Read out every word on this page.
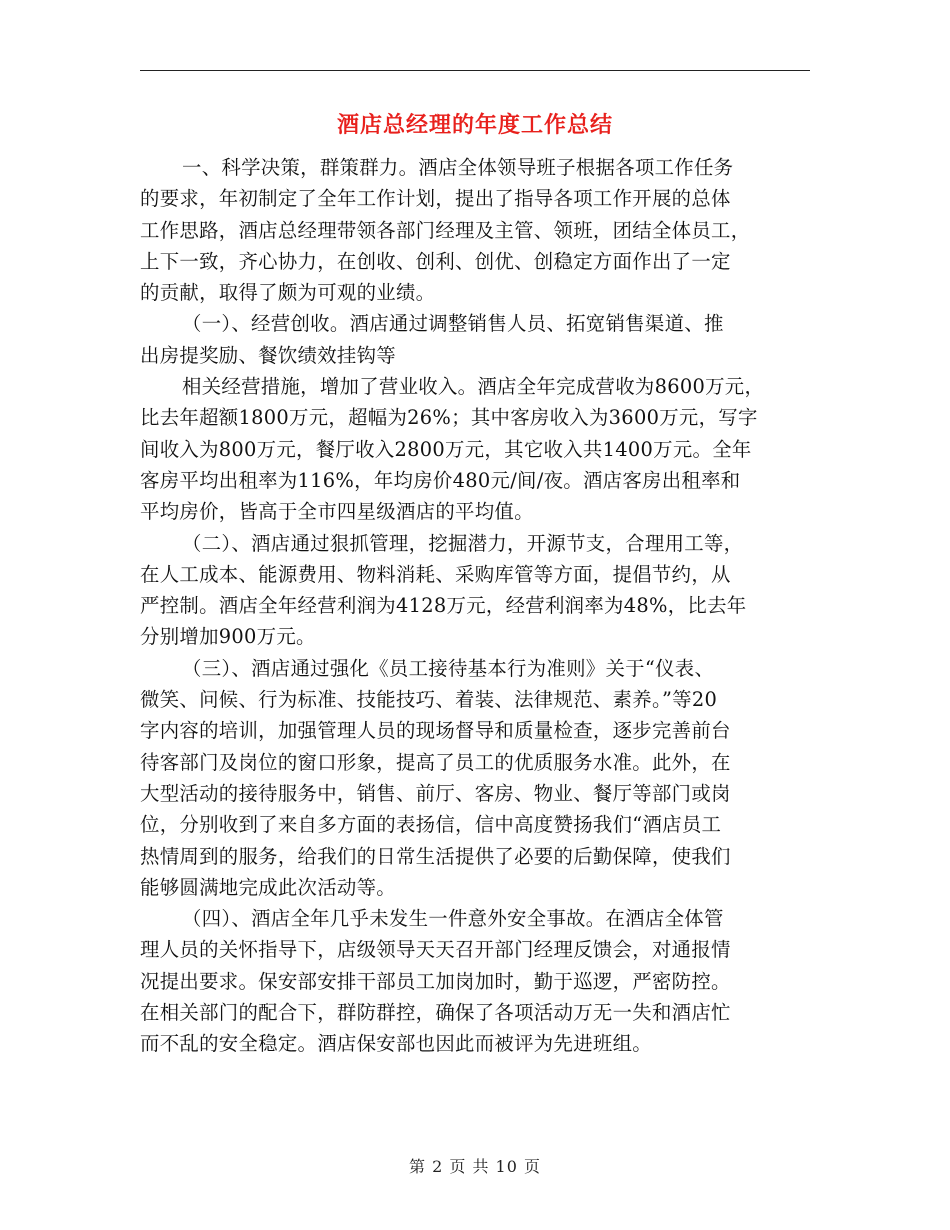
酒店总经理的年度工作总结
一、科学决策，群策群力。酒店全体领导班子根据各项工作任务
的要求，年初制定了全年工作计划，提出了指导各项工作开展的总体
工作思路，酒店总经理带领各部门经理及主管、领班，团结全体员工，
上下一致，齐心协力，在创收、创利、创优、创稳定方面作出了一定
的贡献，取得了颇为可观的业绩。
（一）、经营创收。酒店通过调整销售人员、拓宽销售渠道、推
出房提奖励、餐饮绩效挂钩等
相关经营措施，增加了营业收入。酒店全年完成营收为8600万元，
比去年超额1800万元，超幅为26%；其中客房收入为3600万元，写字
间收入为800万元，餐厅收入2800万元，其它收入共1400万元。全年
客房平均出租率为116%，年均房价480元/间/夜。酒店客房出租率和
平均房价，皆高于全市四星级酒店的平均值。
（二）、酒店通过狠抓管理，挖掘潜力，开源节支，合理用工等，
在人工成本、能源费用、物料消耗、采购库管等方面，提倡节约，从
严控制。酒店全年经营利润为4128万元，经营利润率为48%，比去年
分别增加900万元。
（三）、酒店通过强化《员工接待基本行为准则》关于“仪表、
微笑、问候、行为标准、技能技巧、着装、法律规范、素养。”等20
字内容的培训，加强管理人员的现场督导和质量检查，逐步完善前台
待客部门及岗位的窗口形象，提高了员工的优质服务水准。此外，在
大型活动的接待服务中，销售、前厅、客房、物业、餐厅等部门或岗
位，分别收到了来自多方面的表扬信，信中高度赞扬我们“酒店员工
热情周到的服务，给我们的日常生活提供了必要的后勤保障，使我们
能够圆满地完成此次活动等。
（四）、酒店全年几乎未发生一件意外安全事故。在酒店全体管
理人员的关怀指导下，店级领导天天召开部门经理反馈会，对通报情
况提出要求。保安部安排干部员工加岗加时，勤于巡逻，严密防控。
在相关部门的配合下，群防群控，确保了各项活动万无一失和酒店忙
而不乱的安全稳定。酒店保安部也因此而被评为先进班组。
第 2 页 共 10 页
